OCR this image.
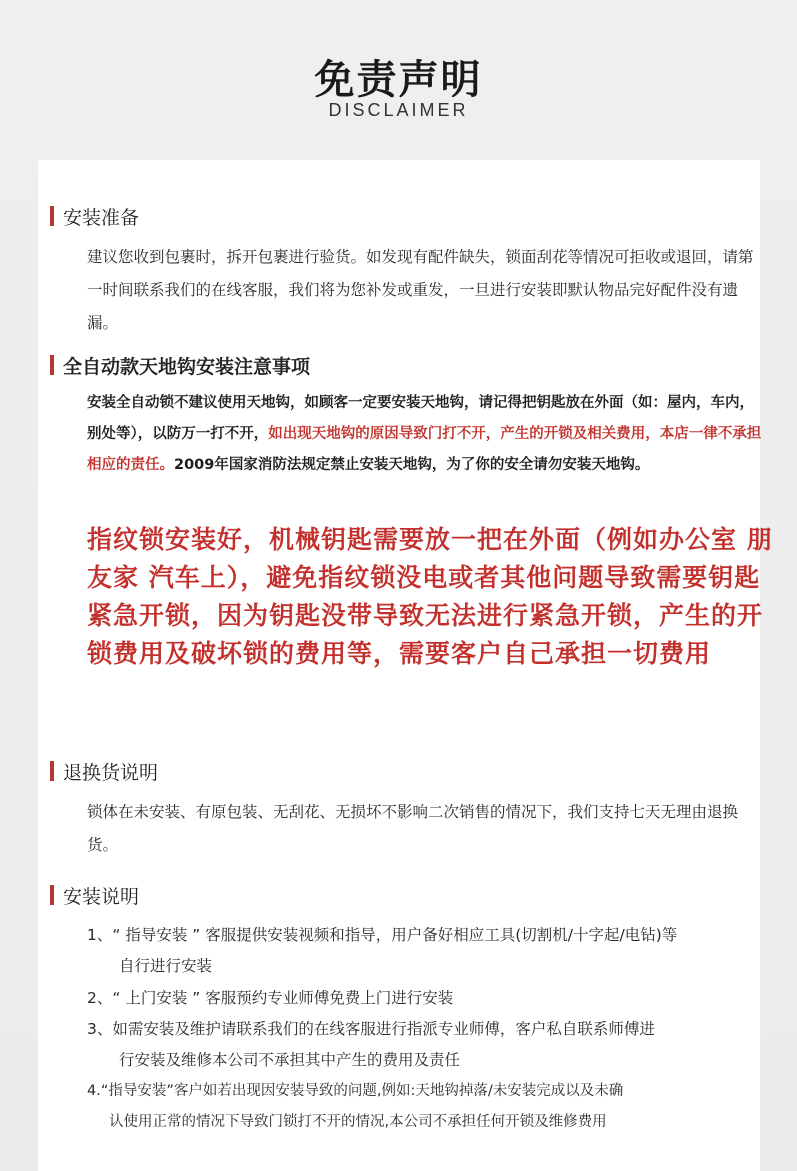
免责声明
DISCLAIMER
安装准备
建议您收到包裹时，拆开包裹进行验货。如发现有配件缺失，锁面刮花等情况可拒收或退回，请第一时间联系我们的在线客服，我们将为您补发或重发，一旦进行安装即默认物品完好配件没有遗漏。
全自动款天地钩安装注意事项
安装全自动锁不建议使用天地钩，如顾客一定要安装天地钩，请记得把钥匙放在外面（如：屋内，车内，别处等），以防万一打不开，如出现天地钩的原因导致门打不开，产生的开锁及相关费用，本店一律不承担相应的责任。2009年国家消防法规定禁止安装天地钩，为了你的安全请勿安装天地钩。
指纹锁安装好，机械钥匙需要放一把在外面（例如办公室 朋友家 汽车上），避免指纹锁没电或者其他问题导致需要钥匙紧急开锁，因为钥匙没带导致无法进行紧急开锁，产生的开锁费用及破坏锁的费用等，需要客户自己承担一切费用
退换货说明
锁体在未安装、有原包装、无刮花、无损坏不影响二次销售的情况下，我们支持七天无理由退换货。
安装说明
1、“ 指导安装 ” 客服提供安装视频和指导，用户备好相应工具(切割机/十字起/电钻)等
自行进行安装
2、“ 上门安装 ” 客服预约专业师傅免费上门进行安装
3、如需安装及维护请联系我们的在线客服进行指派专业师傅，客户私自联系师傅进
行安装及维修本公司不承担其中产生的费用及责任
4.“指导安装”客户如若出现因安装导致的问题,例如:天地钩掉落/未安装完成以及未确
认使用正常的情况下导致门锁打不开的情况,本公司不承担任何开锁及维修费用
